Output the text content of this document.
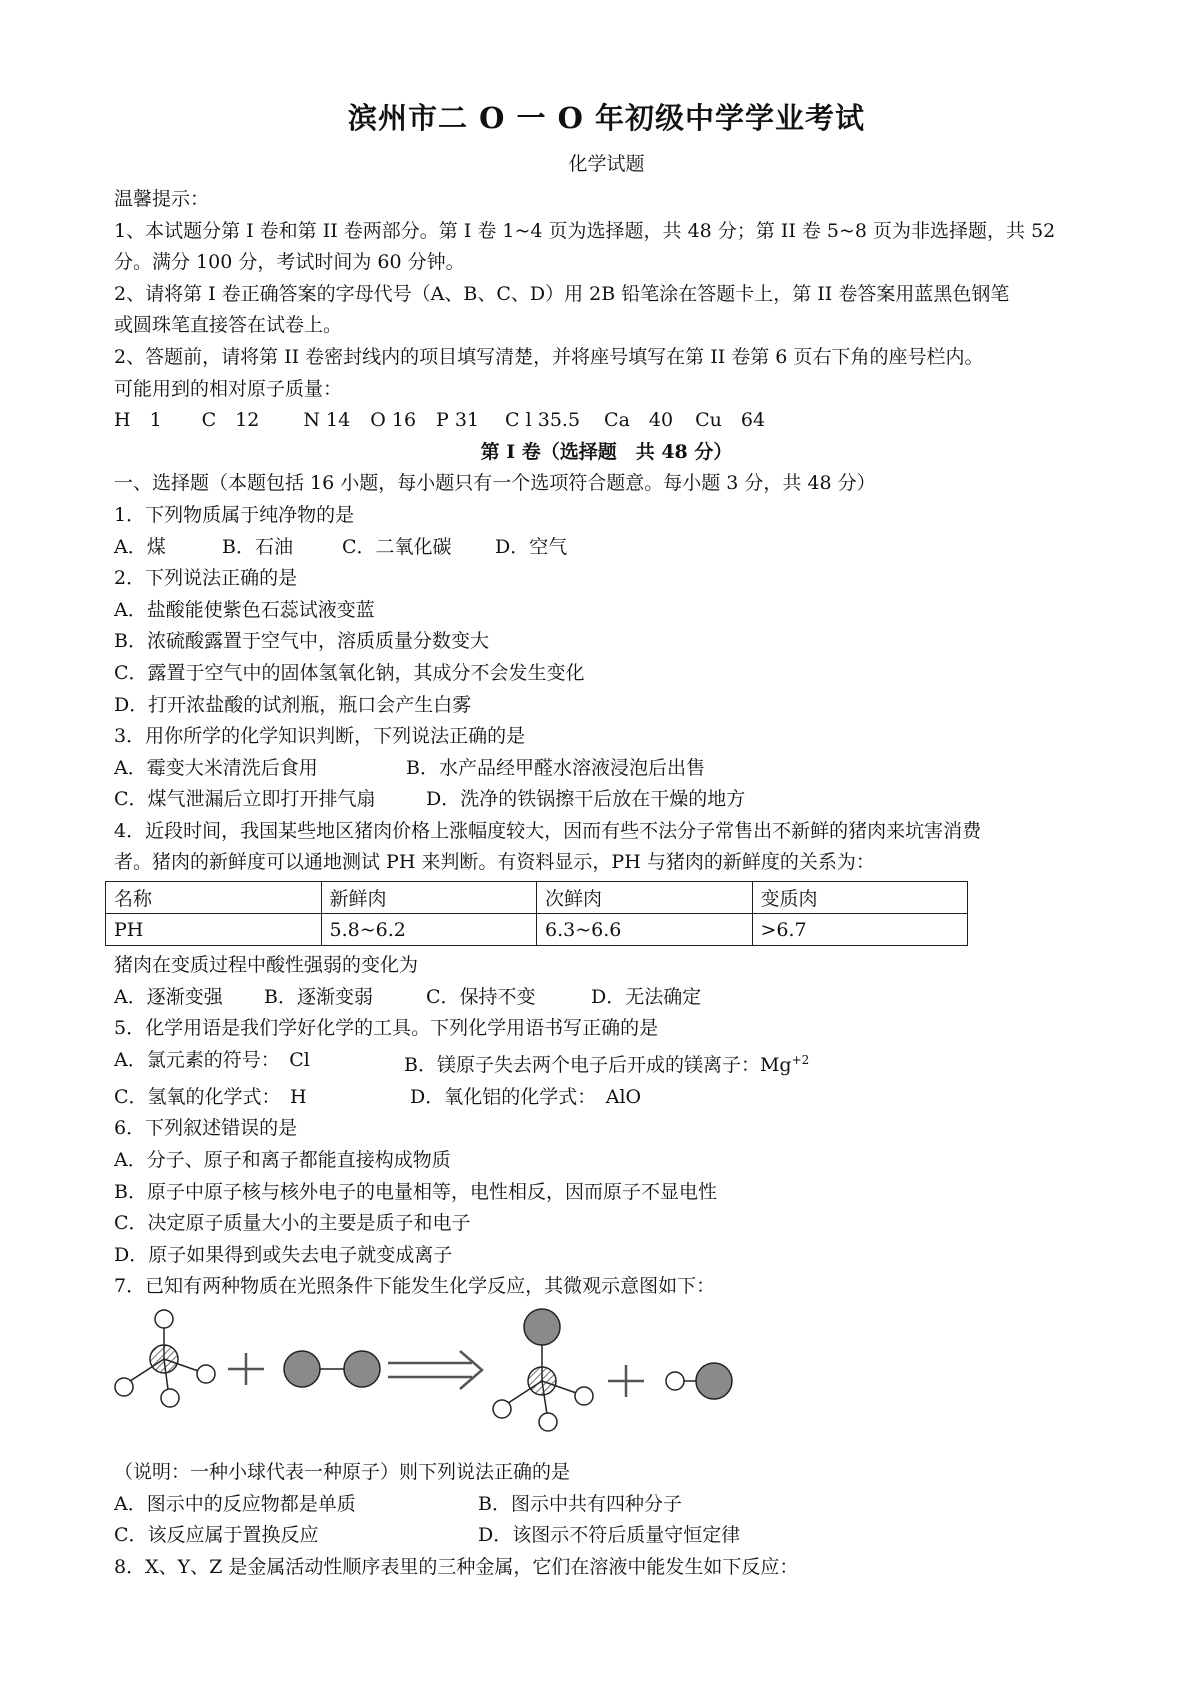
滨州市二 O 一 O 年初级中学学业考试
化学试题
温馨提示：
1、本试题分第 I 卷和第 II 卷两部分。第 I 卷 1~4 页为选择题，共 48 分；第 II 卷 5~8 页为非选择题，共 52
分。满分 100 分，考试时间为 60 分钟。
2、请将第 I 卷正确答案的字母代号（A、B、C、D）用 2B 铅笔涂在答题卡上，第 II 卷答案用蓝黑色钢笔
或圆珠笔直接答在试卷上。
2、答题前，请将第 II 卷密封线内的项目填写清楚，并将座号填写在第 II 卷第 6 页右下角的座号栏内。
可能用到的相对原子质量：
H　1 C　12 N 14 O 16 P 31 C l 35.5 Ca　40 Cu　64
第 I 卷（选择题　共 48 分）
一、选择题（本题包括 16 小题，每小题只有一个选项符合题意。每小题 3 分，共 48 分）
1．下列物质属于纯净物的是
A．煤	B．石油	C．二氧化碳	D．空气
2．下列说法正确的是
A．盐酸能使紫色石蕊试液变蓝
B．浓硫酸露置于空气中，溶质质量分数变大
C．露置于空气中的固体氢氧化钠，其成分不会发生变化
D．打开浓盐酸的试剂瓶，瓶口会产生白雾
3．用你所学的化学知识判断，下列说法正确的是
A．霉变大米清洗后食用	B．水产品经甲醛水溶液浸泡后出售
C．煤气泄漏后立即打开排气扇	D．洗净的铁锅擦干后放在干燥的地方
4．近段时间，我国某些地区猪肉价格上涨幅度较大，因而有些不法分子常售出不新鲜的猪肉来坑害消费
者。猪肉的新鲜度可以通地测试 PH 来判断。有资料显示，PH 与猪肉的新鲜度的关系为：
名称	新鲜肉	次鲜肉	变质肉
PH	5.8~6.2	6.3~6.6	>6.7
猪肉在变质过程中酸性强弱的变化为
A．逐渐变强	B．逐渐变弱	C．保持不变	D．无法确定
5．化学用语是我们学好化学的工具。下列化学用语书写正确的是
A．氯元素的符号：　Cl	B．镁原子失去两个电子后开成的镁离子：$Mg^{+2}$
C．氢氧的化学式：　H	D．氧化铝的化学式：　AlO
6．下列叙述错误的是
A．分子、原子和离子都能直接构成物质
B．原子中原子核与核外电子的电量相等，电性相反，因而原子不显电性
C．决定原子质量大小的主要是质子和电子
D．原子如果得到或失去电子就变成离子
7．已知有两种物质在光照条件下能发生化学反应，其微观示意图如下：
（说明：一种小球代表一种原子）则下列说法正确的是
A．图示中的反应物都是单质	B．图示中共有四种分子
C．该反应属于置换反应	D．该图示不符后质量守恒定律
8．X、Y、Z 是金属活动性顺序表里的三种金属，它们在溶液中能发生如下反应：
